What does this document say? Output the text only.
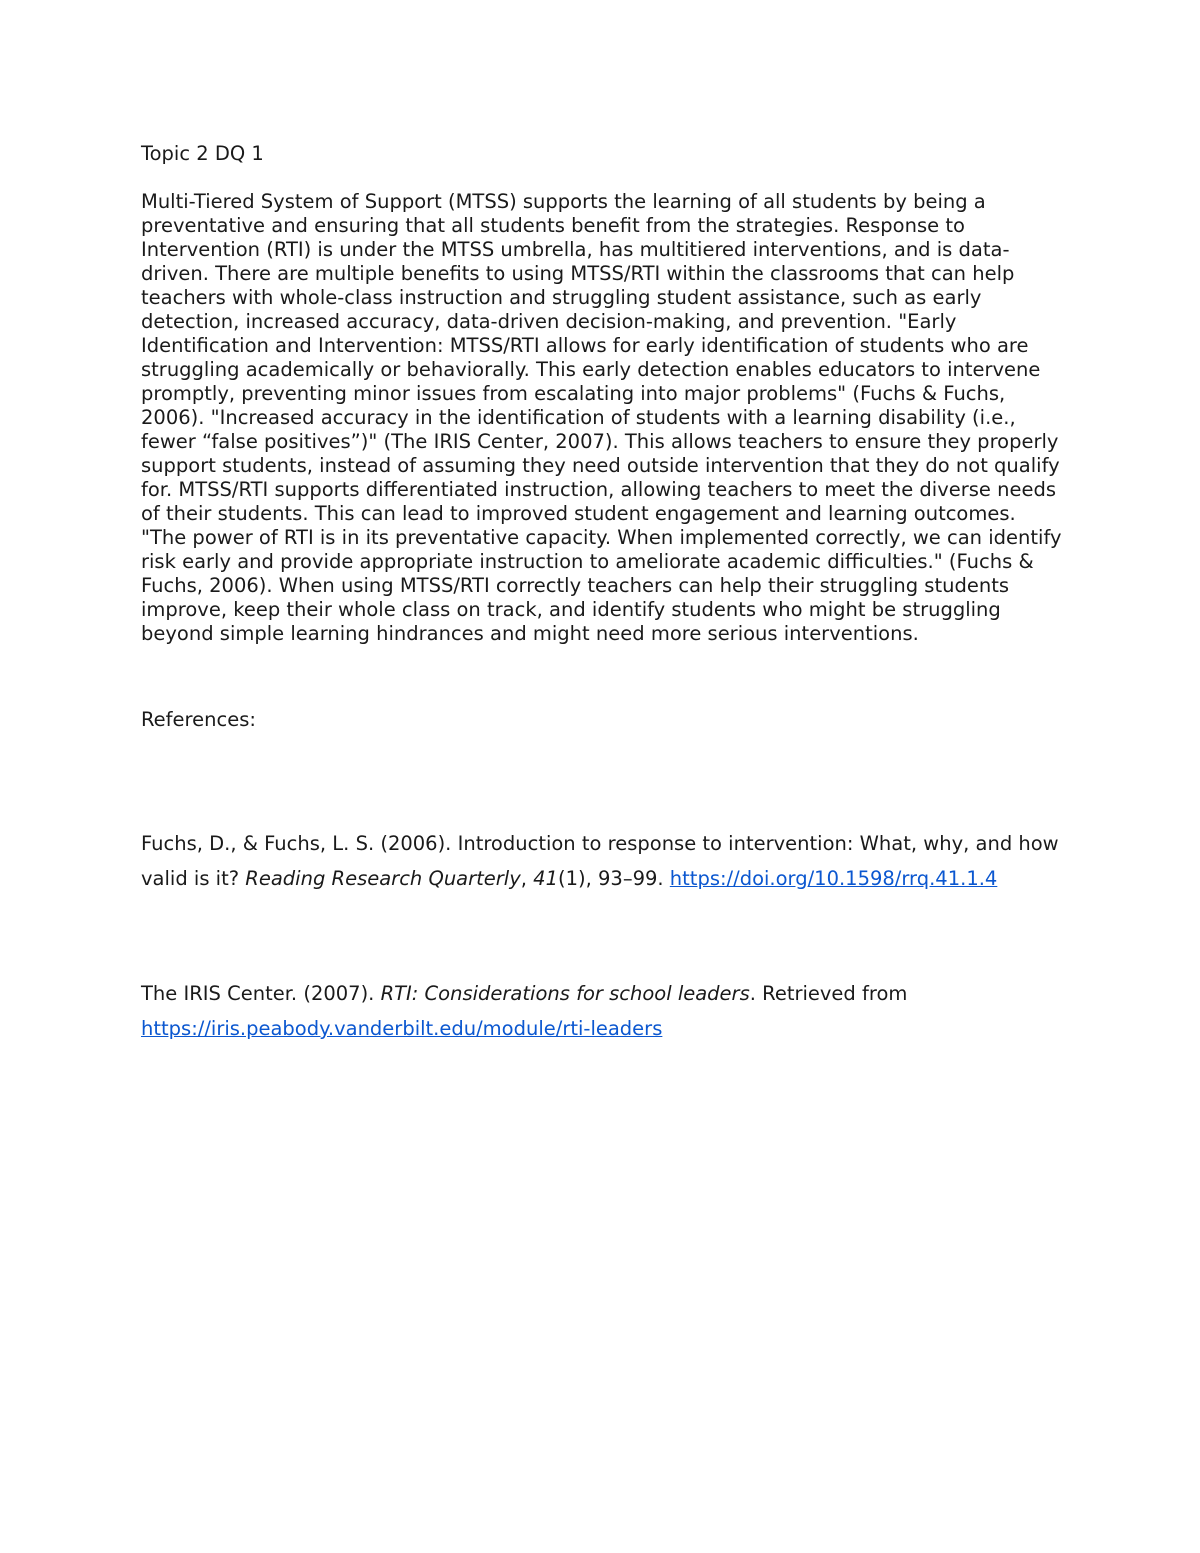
Topic 2 DQ 1

Multi-Tiered System of Support (MTSS) supports the learning of all students by being a preventative and ensuring that all students benefit from the strategies. Response to Intervention (RTI) is under the MTSS umbrella, has multitiered interventions, and is data-driven. There are multiple benefits to using MTSS/RTI within the classrooms that can help teachers with whole-class instruction and struggling student assistance, such as early detection, increased accuracy, data-driven decision-making, and prevention. "Early Identification and Intervention: MTSS/RTI allows for early identification of students who are struggling academically or behaviorally. This early detection enables educators to intervene promptly, preventing minor issues from escalating into major problems" (Fuchs & Fuchs, 2006). "Increased accuracy in the identification of students with a learning disability (i.e., fewer “false positives”)" (The IRIS Center, 2007). This allows teachers to ensure they properly support students, instead of assuming they need outside intervention that they do not qualify for. MTSS/RTI supports differentiated instruction, allowing teachers to meet the diverse needs of their students. This can lead to improved student engagement and learning outcomes. "The power of RTI is in its preventative capacity. When implemented correctly, we can identify risk early and provide appropriate instruction to ameliorate academic difficulties." (Fuchs & Fuchs, 2006). When using MTSS/RTI correctly teachers can help their struggling students improve, keep their whole class on track, and identify students who might be struggling beyond simple learning hindrances and might need more serious interventions.

References:

Fuchs, D., & Fuchs, L. S. (2006). Introduction to response to intervention: What, why, and how valid is it? Reading Research Quarterly, 41(1), 93–99. https://doi.org/10.1598/rrq.41.1.4

The IRIS Center. (2007). RTI: Considerations for school leaders. Retrieved from https://iris.peabody.vanderbilt.edu/module/rti-leaders
